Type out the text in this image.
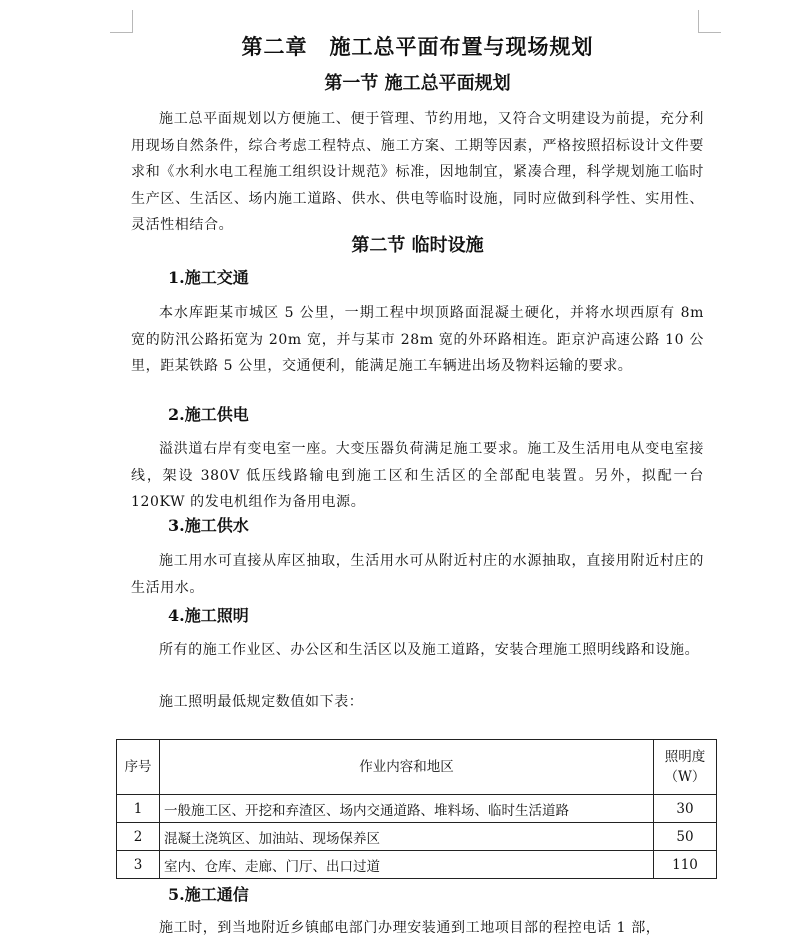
第二章　施工总平面布置与现场规划
第一节 施工总平面规划
施工总平面规划以方便施工、便于管理、节约用地，又符合文明建设为前提，充分利用现场自然条件，综合考虑工程特点、施工方案、工期等因素，严格按照招标设计文件要求和《水利水电工程施工组织设计规范》标准，因地制宜，紧凑合理，科学规划施工临时生产区、生活区、场内施工道路、供水、供电等临时设施，同时应做到科学性、实用性、灵活性相结合。
第二节 临时设施
1.施工交通
本水库距某市城区 5 公里，一期工程中坝顶路面混凝土硬化，并将水坝西原有 8m 宽的防汛公路拓宽为 20m 宽，并与某市 28m 宽的外环路相连。距京沪高速公路 10 公里，距某铁路 5 公里，交通便利，能满足施工车辆进出场及物料运输的要求。
2.施工供电
溢洪道右岸有变电室一座。大变压器负荷满足施工要求。施工及生活用电从变电室接线，架设 380V 低压线路输电到施工区和生活区的全部配电装置。另外，拟配一台 120KW 的发电机组作为备用电源。
3.施工供水
施工用水可直接从库区抽取，生活用水可从附近村庄的水源抽取，直接用附近村庄的生活用水。
4.施工照明
所有的施工作业区、办公区和生活区以及施工道路，安装合理施工照明线路和设施。
施工照明最低规定数值如下表：
序号	作业内容和地区	照明度（W）
1	一般施工区、开挖和弃渣区、场内交通道路、堆料场、临时生活道路	30
2	混凝土浇筑区、加油站、现场保养区	50
3	室内、仓库、走廊、门厅、出口过道	110
5.施工通信
施工时，到当地附近乡镇邮电部门办理安装通到工地项目部的程控电话 1 部，
